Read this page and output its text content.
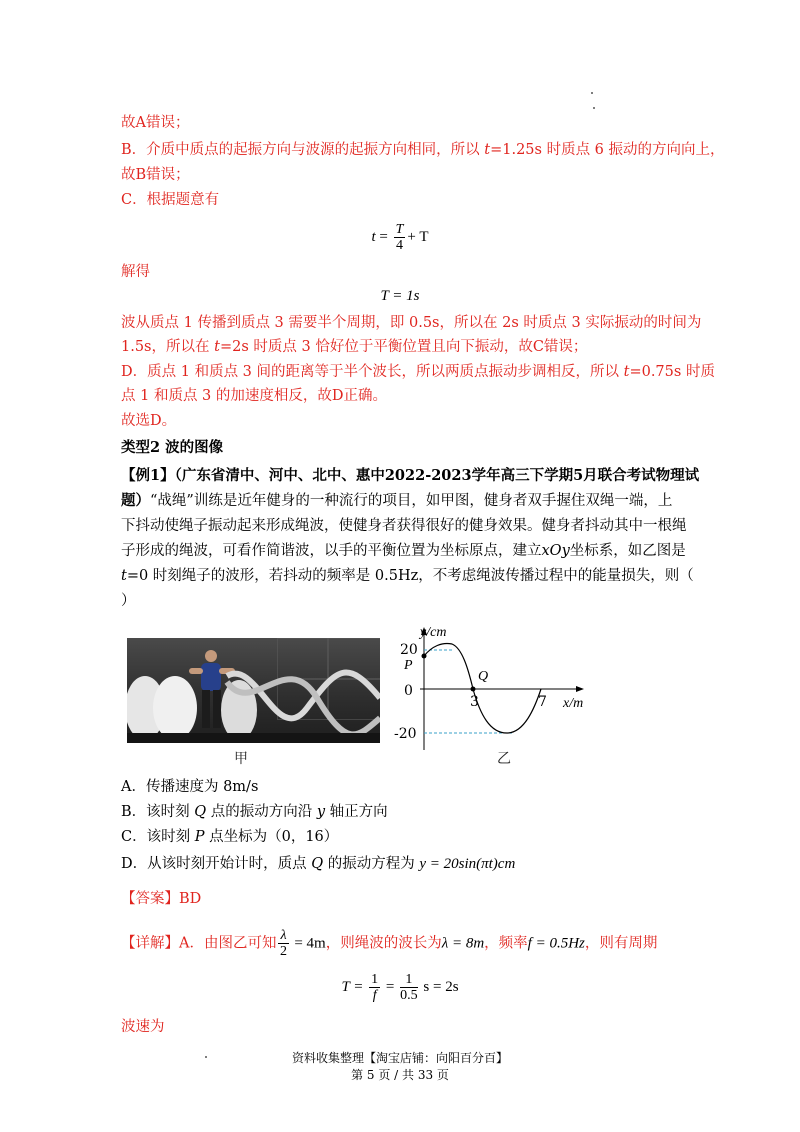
故A错误；
B．介质中质点的起振方向与波源的起振方向相同，所以 t=1.25s 时质点 6 振动的方向向上，
故B错误；
C．根据题意有
$t = \frac{T}{4} + T$
解得
T = 1s
波从质点 1 传播到质点 3 需要半个周期，即 0.5s，所以在 2s 时质点 3 实际振动的时间为
1.5s，所以在 t=2s 时质点 3 恰好位于平衡位置且向下振动，故C错误；
D．质点 1 和质点 3 间的距离等于半个波长，所以两质点振动步调相反，所以 t=0.75s 时质
点 1 和质点 3 的加速度相反，故D正确。
故选D。
类型2 波的图像
【例1】（广东省清中、河中、北中、惠中2022-2023学年高三下学期5月联合考试物理试
题）“战绳”训练是近年健身的一种流行的项目，如甲图，健身者双手握住双绳一端，上
下抖动使绳子振动起来形成绳波，使健身者获得很好的健身效果。健身者抖动其中一根绳
子形成的绳波，可看作简谐波，以手的平衡位置为坐标原点，建立xOy坐标系，如乙图是
t=0 时刻绳子的波形，若抖动的频率是 0.5Hz，不考虑绳波传播过程中的能量损失，则（
）
甲
y/cm
20
P
0
Q
3	7 x/m
-20
乙
A．传播速度为 8m/s
B．该时刻 Q 点的振动方向沿 y 轴正方向
C．该时刻 P 点坐标为（0，16）
D．从该时刻开始计时，质点 Q 的振动方程为 y = 20sin(πt)cm
【答案】BD
【详解】A．由图乙可知 $\frac{\lambda}{2} = 4m$，则绳波的波长为λ = 8m，频率f = 0.5Hz，则有周期
$T = \frac{1}{f} = \frac{1}{0.5}$ s = 2s
波速为
资料收集整理【淘宝店铺：向阳百分百】
第 5 页 / 共 33 页
